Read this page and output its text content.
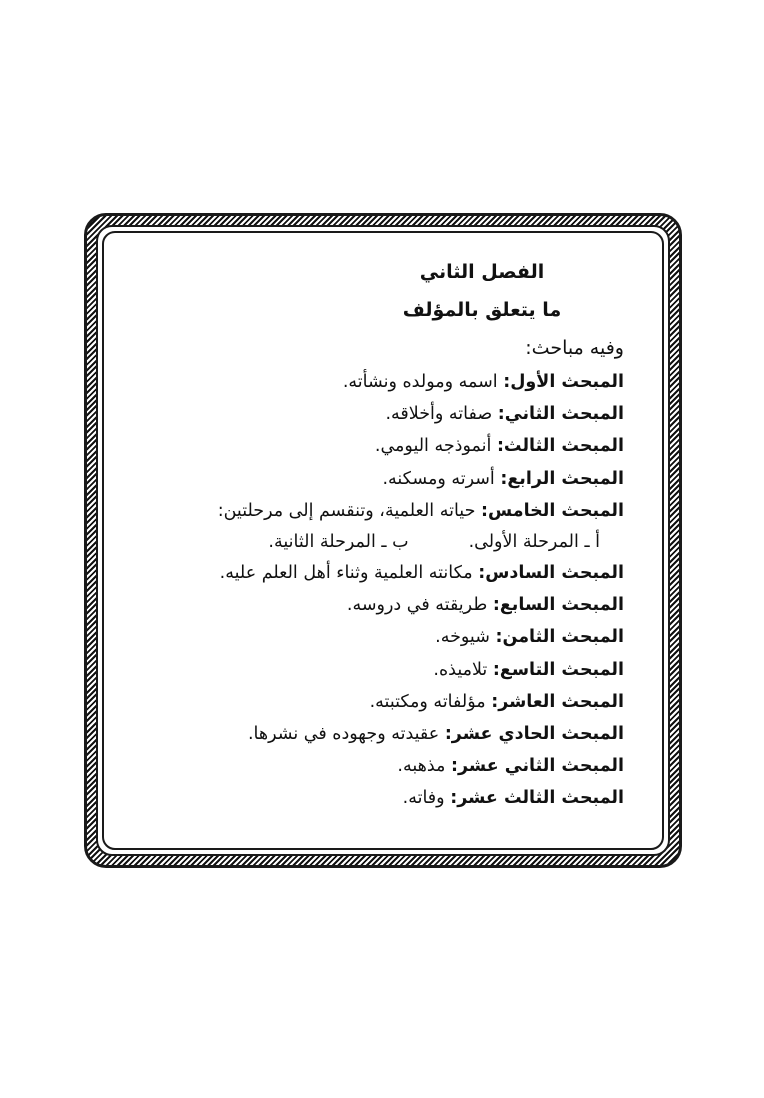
الفصل الثاني
ما يتعلق بالمؤلف
وفيه مباحث:
المبحث الأول: اسمه ومولده ونشأته.
المبحث الثاني: صفاته وأخلاقه.
المبحث الثالث: أنموذجه اليومي.
المبحث الرابع: أسرته ومسكنه.
المبحث الخامس: حياته العلمية، وتنقسم إلى مرحلتين:
أ ـ المرحلة الأولى.ب ـ المرحلة الثانية.
المبحث السادس: مكانته العلمية وثناء أهل العلم عليه.
المبحث السابع: طريقته في دروسه.
المبحث الثامن: شيوخه.
المبحث التاسع: تلاميذه.
المبحث العاشر: مؤلفاته ومكتبته.
المبحث الحادي عشر: عقيدته وجهوده في نشرها.
المبحث الثاني عشر: مذهبه.
المبحث الثالث عشر: وفاته.
